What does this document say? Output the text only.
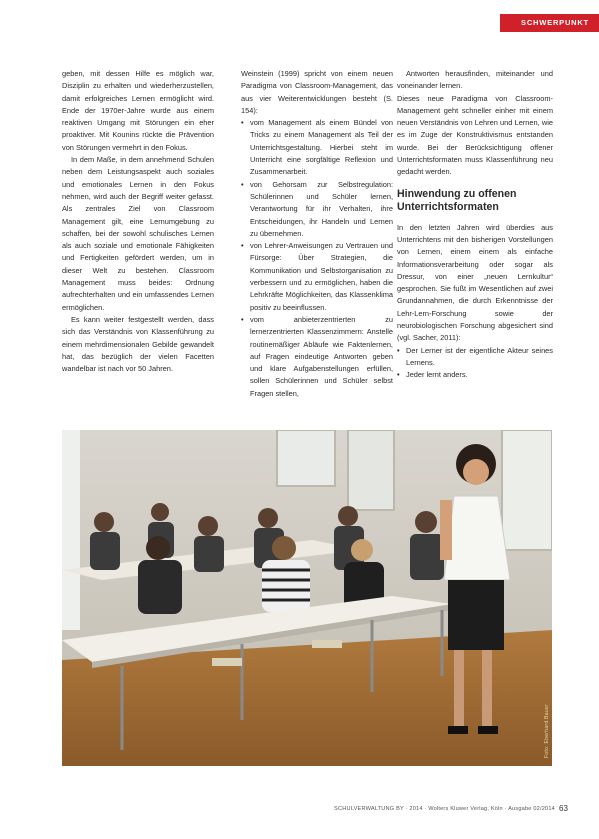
SCHWERPUNKT

geben, mit dessen Hilfe es möglich war, Disziplin zu erhalten und wiederherzustellen, damit erfolgreiches Lernen ermöglicht wird. Ende der 1970er-Jahre wurde aus einem reaktiven Umgang mit Störungen ein eher proaktiver. Mit Kounins rückte die Prävention von Störungen vermehrt in den Fokus.

In dem Maße, in dem annehmend Schulen neben dem Leistungsaspekt auch soziales und emotionales Lernen in den Fokus nehmen, wird auch der Begriff weiter gefasst. Als zentrales Ziel von Classroom Management gilt, eine Lernumgebung zu schaffen, bei der sowohl schulisches Lernen als auch soziale und emotionale Fähigkeiten und Fertigkeiten gefördert werden, um in dieser Welt zu bestehen. Classroom Management muss beides: Ordnung aufrechterhalten und ein umfassendes Lernen ermöglichen.

Es kann weiter festgestellt werden, dass sich das Verständnis von Klassenführung zu einem mehrdimensionalen Gebilde gewandelt hat, das bezüglich der vielen Facetten wandelbar ist nach vor 50 Jahren.

Weinstein (1999) spricht von einem neuen Paradigma von Classroom-Management, das aus vier Weiterentwicklungen besteht (S. 154):

• vom Management als einem Bündel von Tricks zu einem Management als Teil der Unterrichtsgestaltung. Hierbei steht im Unterricht eine sorgfältige Reflexion und Zusammenarbeit.
• von Gehorsam zur Selbstregulation: Schülerinnen und Schüler lernen, Verantwortung für ihr Verhalten, ihre Entscheidungen, ihr Handeln und Lernen zu übernehmen.
• von Lehrer-Anweisungen zu Vertrauen und Fürsorge: Über Strategien, die Kommunikation und Selbstorganisation zu verbessern und zu ermöglichen, haben die Lehrkräfte Möglichkeiten, das Klassenklima positiv zu beeinflussen.
• vom anbieterzentrierten zu lernerzentrierten Klassenzimmern: Anstelle routinemäßiger Abläufe wie Faktenlernen, auf Fragen eindeutige Antworten geben und klare Aufgabenstellungen erfüllen, sollen Schülerinnen und Schüler selbst Fragen stellen,

Antworten herausfinden, miteinander und voneinander lernen.

Dieses neue Paradigma von Classroom-Management geht schneller einher mit einem neuen Verständnis von Lehren und Lernen, wie es im Zuge der Konstruktivismus entstanden wurde. Bei der Berücksichtigung offener Unterrichtsformaten muss Klassenführung neu gedacht werden.

Hinwendung zu offenen Unterrichtsformaten

In den letzten Jahren wird überdies aus Unterrichtens mit den bisherigen Vorstellungen von Lernen, einem einem als einfache Informationsverarbeitung oder sogar als Dressur, von einer „neuen Lernkultur“ gesprochen. Sie fußt im Wesentlichen auf zwei Grundannahmen, die durch Erkenntnisse der Lehr-Lern-Forschung sowie der neurobiologischen Forschung abgesichert sind (vgl. Sacher, 2011):

• Der Lerner ist der eigentliche Akteur seines Lernens.
• Jeder lernt anders.
Foto: Eberhard Bauer
SCHULVERWALTUNG BY · 2014 · Wolters Kluwer Verlag, Köln · Ausgabe 02/2014 63
